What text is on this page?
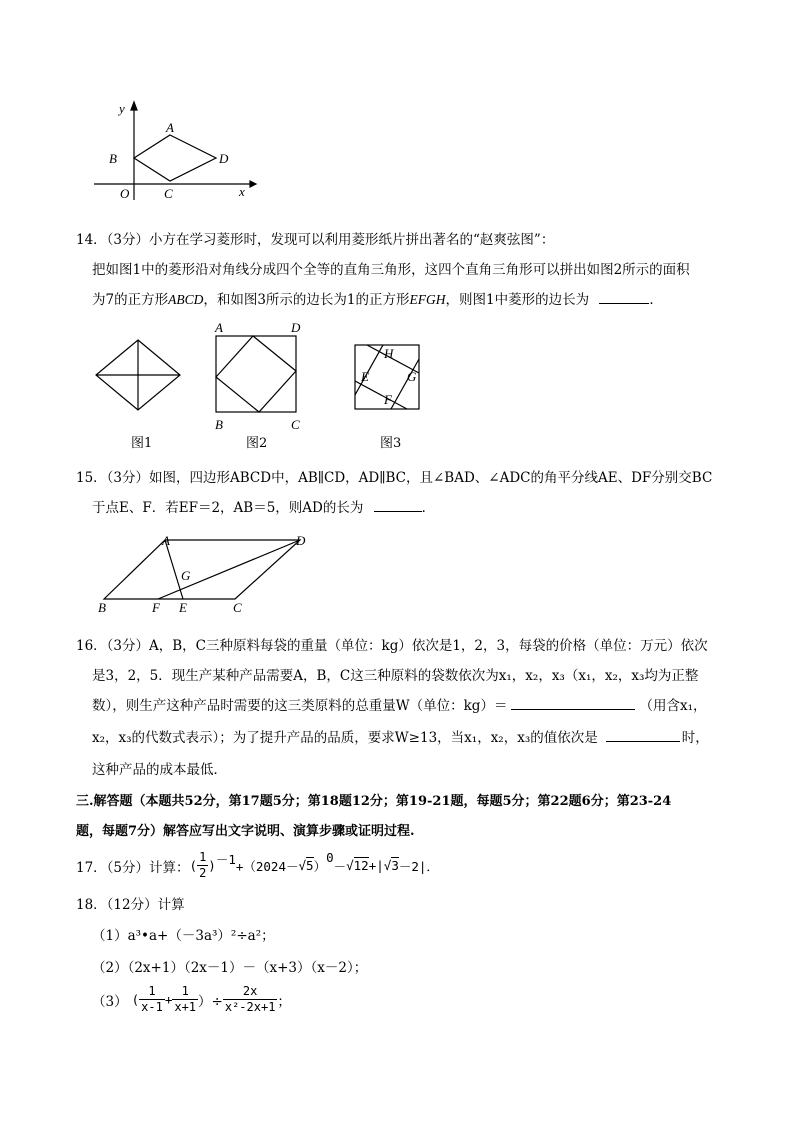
y
x
O
A
B
C
D
14．（3分）小方在学习菱形时，发现可以利用菱形纸片拼出著名的“赵爽弦图”：
把如图1中的菱形沿对角线分成四个全等的直角三角形，这四个直角三角形可以拼出如图2所示的面积
为7的正方形ABCD，和如图3所示的边长为1的正方形EFGH，则图1中菱形的边长为	．
图1
A	D
B	C
图2
H
E	G
F
图3
15．（3分）如图，四边形ABCD中，AB∥CD，AD∥BC，且∠BAD、∠ADC的角平分线AE、DF分别交BC
于点E、F．若EF＝2，AB＝5，则AD的长为	．
A	D
G
B	F E	C
16．（3分）A，B，C三种原料每袋的重量（单位：kg）依次是1，2，3，每袋的价格（单位：万元）依次
是3，2，5．现生产某种产品需要A，B，C这三种原料的袋数依次为x₁，x₂，x₃（x₁，x₂，x₃均为正整
数），则生产这种产品时需要的这三类原料的总重量W（单位：kg）＝	（用含x₁，
x₂，x₃的代数式表示）；为了提升产品的品质，要求W≥13，当x₁，x₂，x₃的值依次是	时，
这种产品的成本最低．
三.解答题（本题共52分，第17题5分；第18题12分；第19-21题，每题5分；第22题6分；第23-24
题，每题7分）解答应写出文字说明、演算步骤或证明过程.
17．（5分）计算： ( $\frac{1}{2}$ ) －1 +（2024－ √5 ）
0
－ √12 +| √3 －2|．
18．（12分）计算
（1）a³•a+（－3a³）²÷a²；
（2）（2x+1）（2x－1）－（x+3）（x－2）；
（3） ( $\frac{1}{x-1} + \frac{1}{x+1}$ ）÷ $\frac{2x}{\text{x²-2x+1}}$ ；
